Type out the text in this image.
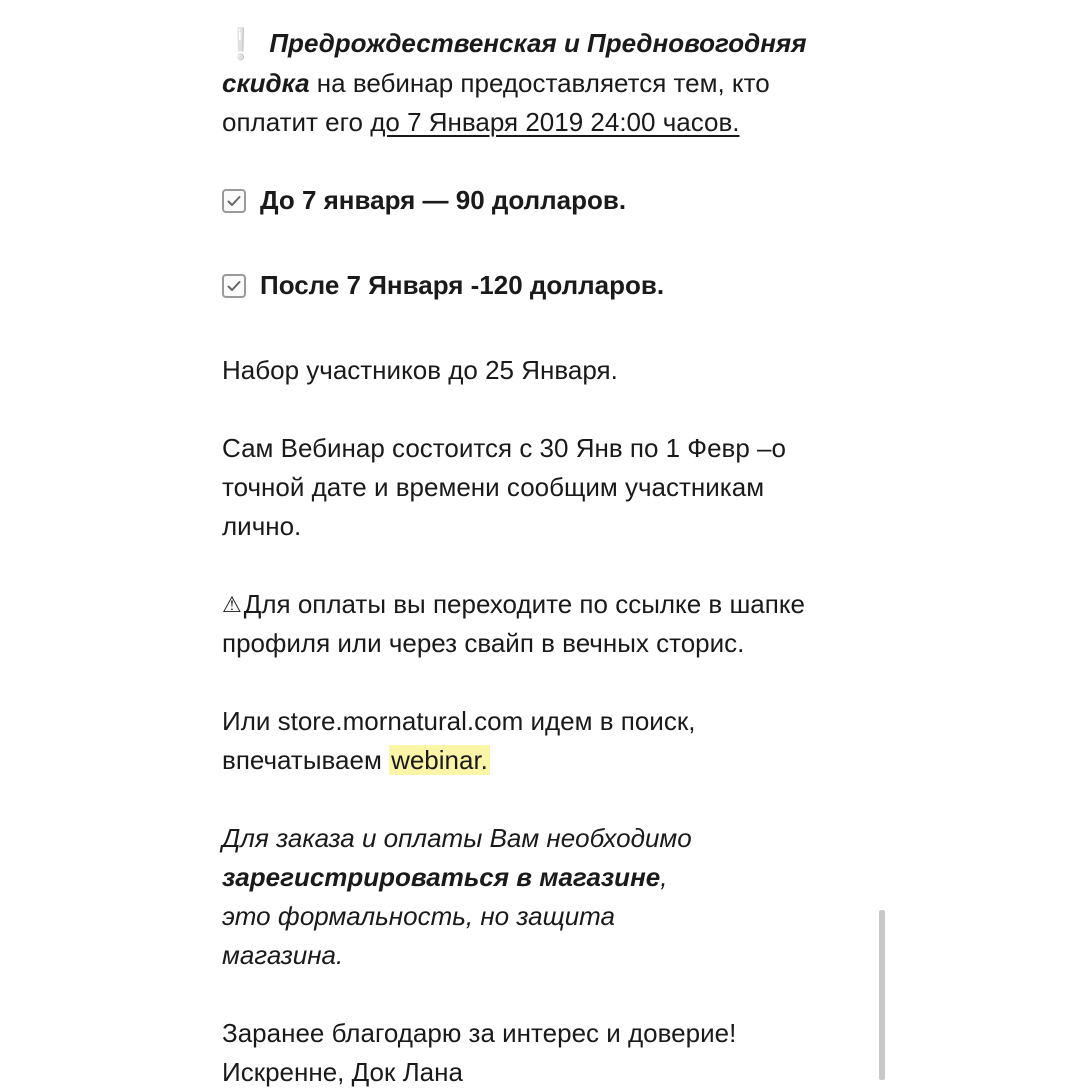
❕ Предрождественская и Предновогодняя
скидка на вебинар предоставляется тем, кто оплатит его до 7 Января 2019 24:00 часов.

До 7 января — 90 долларов.
После 7 Января -120 долларов.

Набор участников до 25 Января.

Сам Вебинар состоится с 30 Янв по 1 Февр –о точной дате и времени сообщим участникам лично.

⚠Для оплаты вы переходите по ссылке в шапке профиля или через свайп в вечных сторис.

Или store.mornatural.com идем в поиск, впечатываем webinar.

Для заказа и оплаты Вам необходимо зарегистрироваться в магазине, это формальность, но защита магазина.

Заранее благодарю за интерес и доверие!

Искренне, Док Лана
